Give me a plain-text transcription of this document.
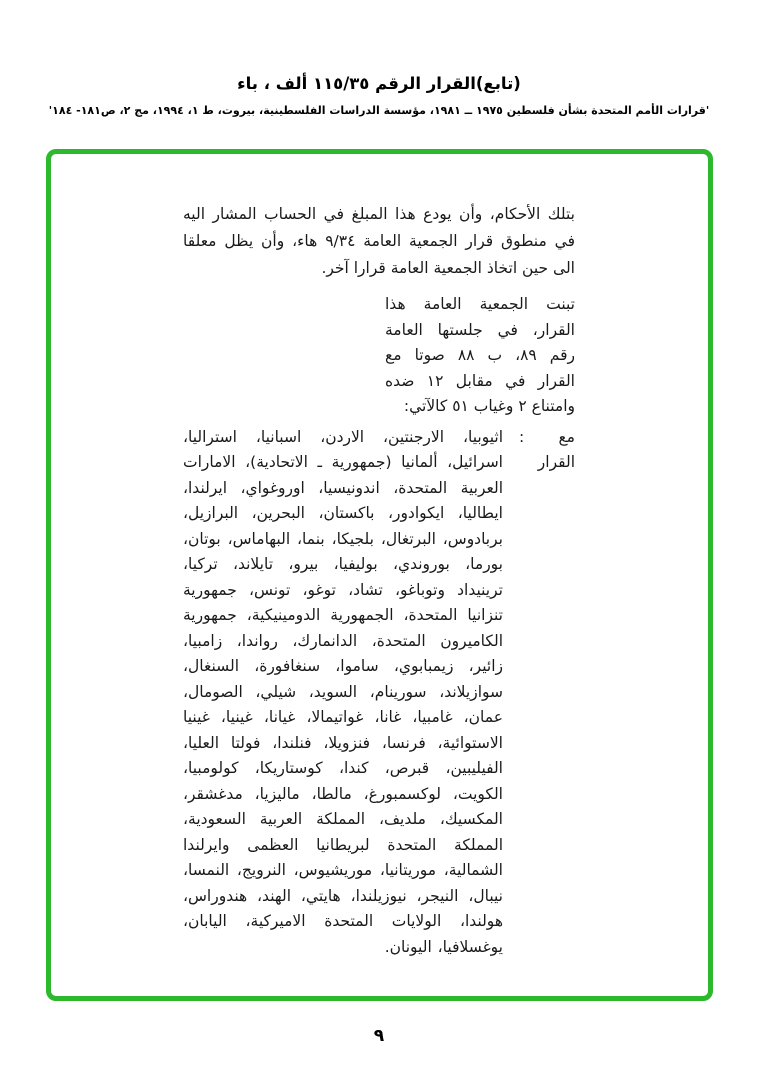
(تابع)القرار الرقم ١١٥/٣٥ ألف ، باء
'قرارات الأمم المتحدة بشأن فلسطين ١٩٧٥ ــ ١٩٨١، مؤسسة الدراسات الفلسطينية، بيروت، ط ١، ١٩٩٤، مج ٢، ص١٨١- ١٨٤'
بتلك الأحكام، وأن يودع هذا المبلغ في الحساب المشار اليه في منطوق قرار الجمعية العامة ٩/٣٤ هاء، وأن يظل معلقا الى حين اتخاذ الجمعية العامة قرارا آخر.
تبنت الجمعية العامة هذا القرار، في جلستها العامة رقم ٨٩، ب ٨٨ صوتا مع القرار في مقابل ١٢ ضده وامتناع ٢ وغياب ٥١ كالآتي:
مع القرار
:
اثيوبيا، الارجنتين، الاردن، اسبانيا، استراليا، اسرائيل، ألمانيا (جمهورية ـ الاتحادية)، الامارات العربية المتحدة، اندونيسيا، اوروغواي، ايرلندا، ايطاليا، ايكوادور، باكستان، البحرين، البرازيل، بربادوس، البرتغال، بلجيكا، بنما، البهاماس، بوتان، بورما، بوروندي، بوليفيا، بيرو، تايلاند، تركيا، ترينيداد وتوباغو، تشاد، توغو، تونس، جمهورية تنزانيا المتحدة، الجمهورية الدومينيكية، جمهورية الكاميرون المتحدة، الدانمارك، رواندا، زامبيا، زائير، زيمبابوي، ساموا، سنغافورة، السنغال، سوازيلاند، سورينام، السويد، شيلي، الصومال، عمان، غامبيا، غانا، غواتيمالا، غيانا، غينيا، غينيا الاستوائية، فرنسا، فنزويلا، فنلندا، فولتا العليا، الفيليبين، قبرص، كندا، كوستاريكا، كولومبيا، الكويت، لوكسمبورغ، مالطا، ماليزيا، مدغشقر، المكسيك، ملديف، المملكة العربية السعودية، المملكة المتحدة لبريطانيا العظمى وايرلندا الشمالية، موريتانيا، موريشيوس، النرويج، النمسا، نيبال، النيجر، نيوزيلندا، هايتي، الهند، هندوراس، هولندا، الولايات المتحدة الاميركية، اليابان، يوغسلافيا، اليونان.
٩
